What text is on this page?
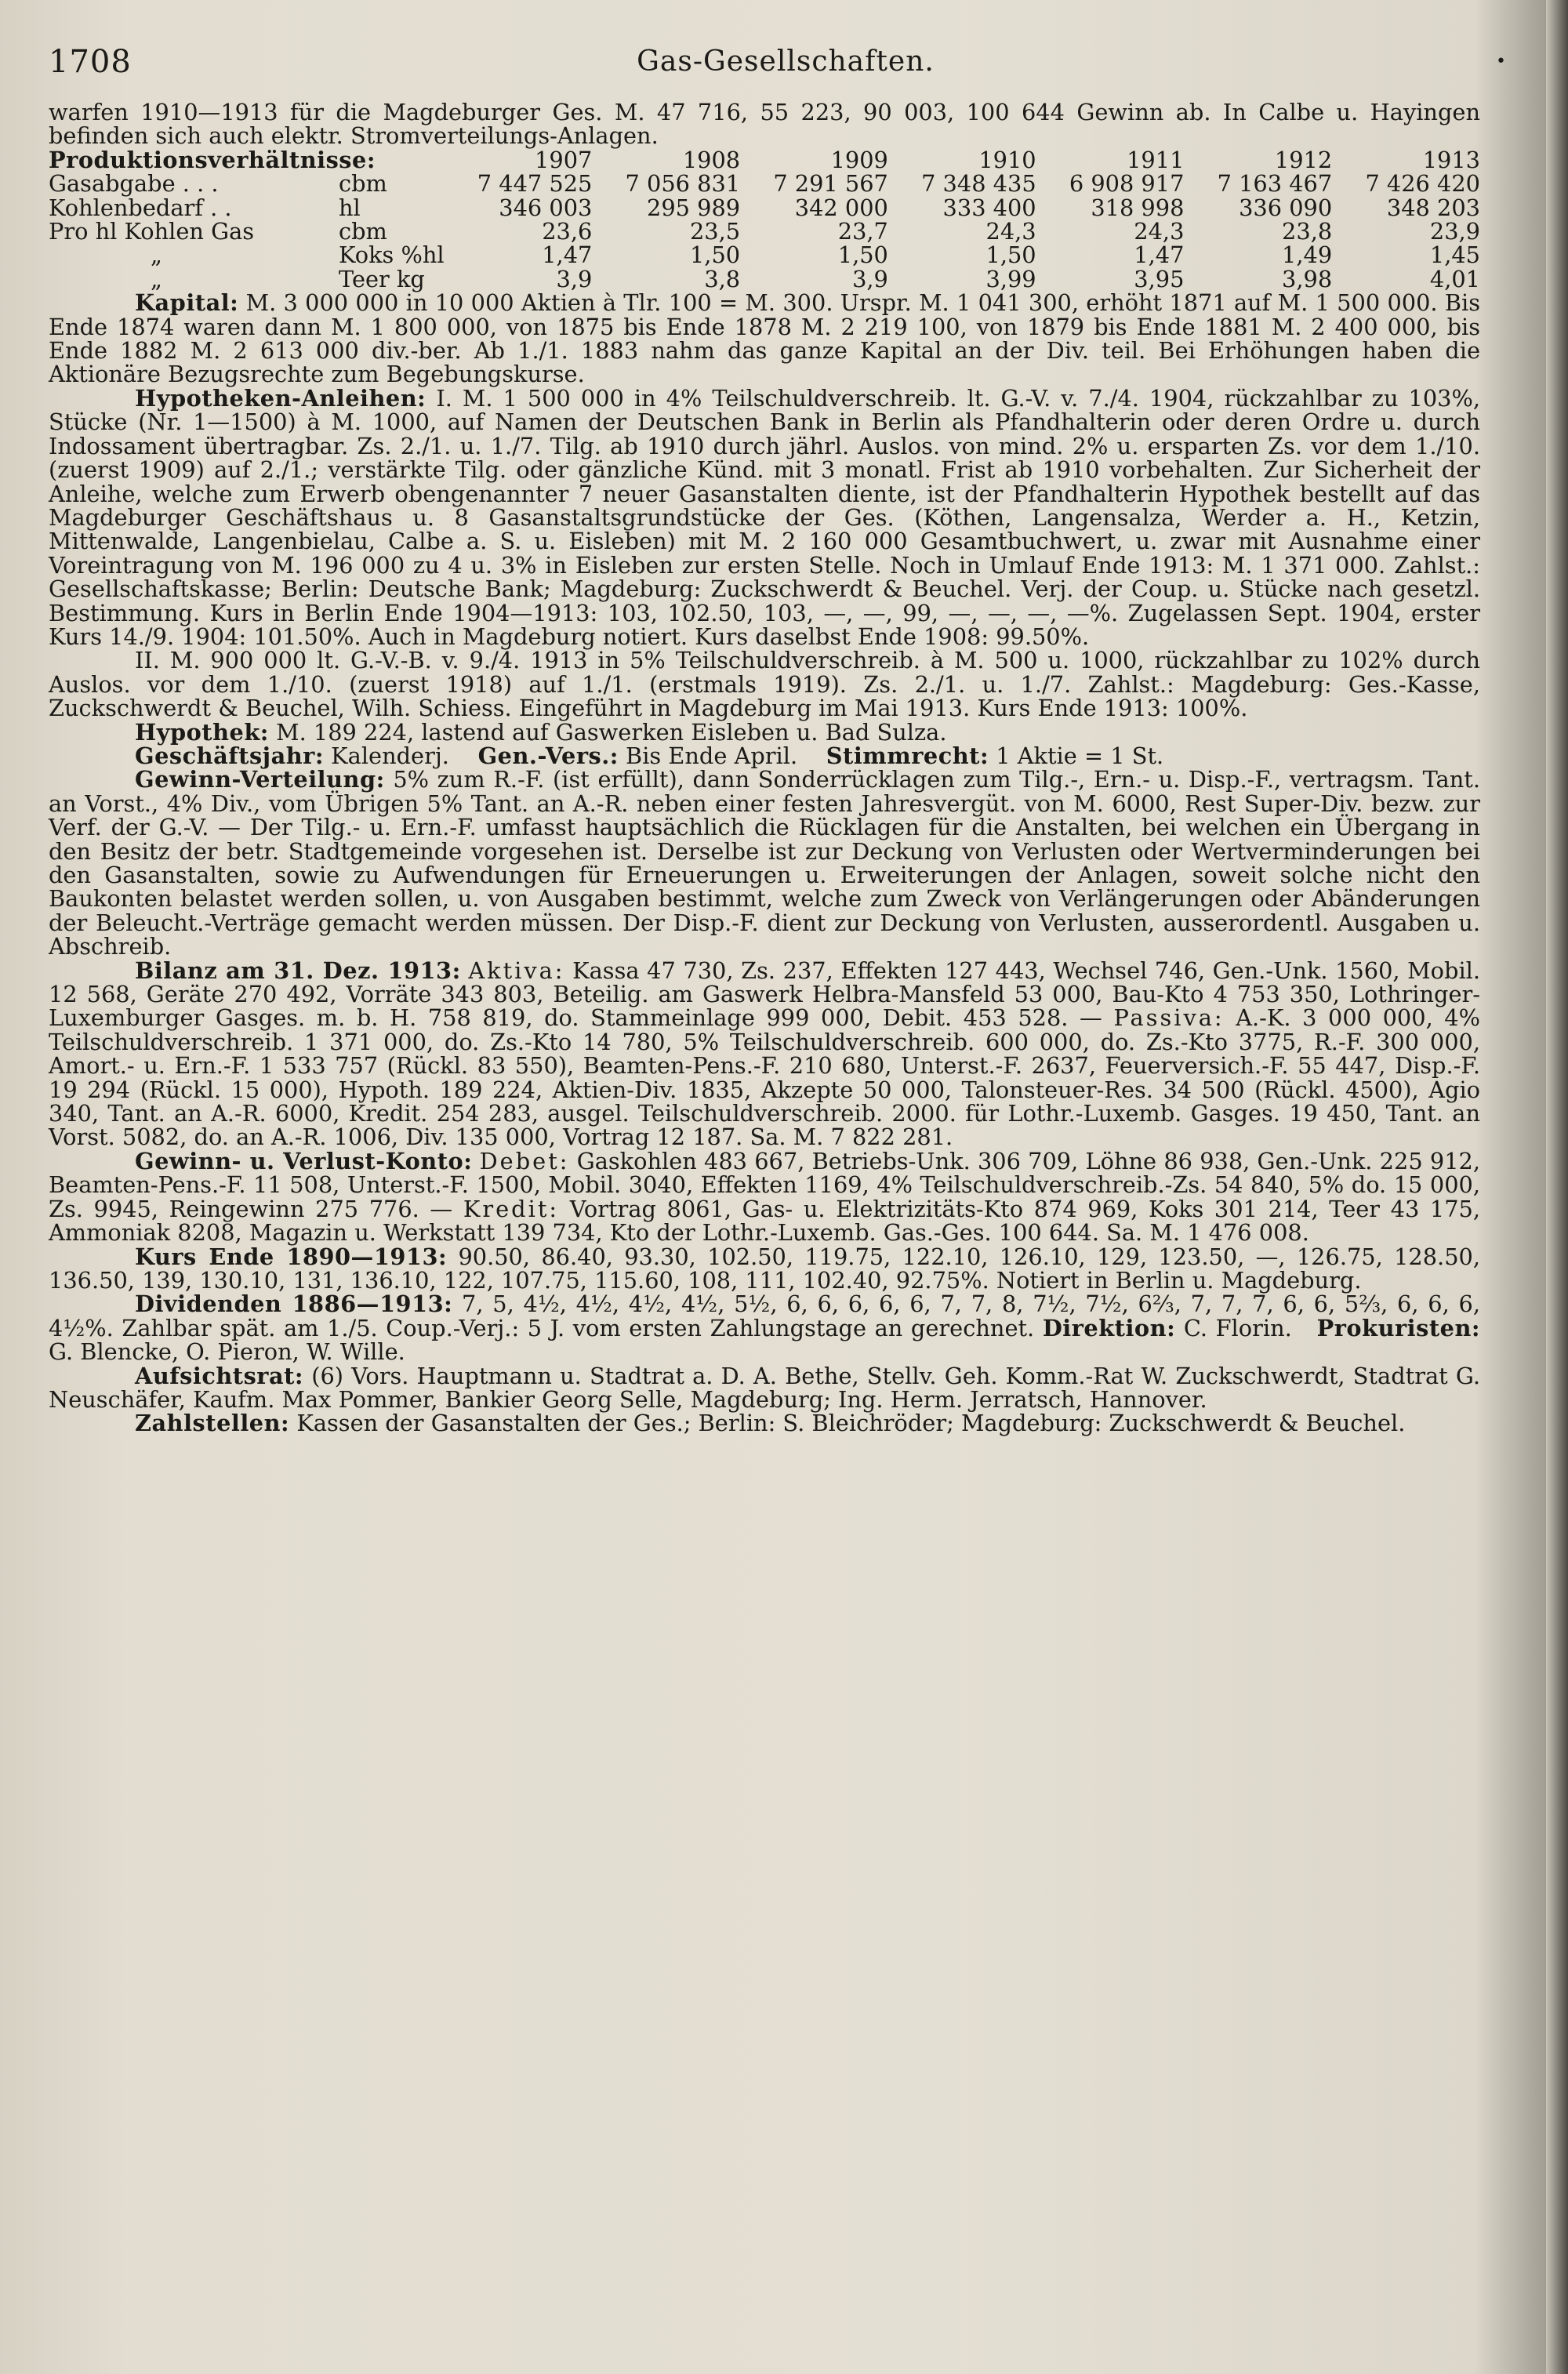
1708	Gas-Gesellschaften.	•

warfen 1910—1913 für die Magdeburger Ges. M. 47 716, 55 223, 90 003, 100 644 Gewinn ab. In Calbe u. Hayingen befinden sich auch elektr. Stromverteilungs-Anlagen.

Produktionsverhältnisse:		1907	1908	1909	1910	1911	1912	1913
Gasabgabe . . .	cbm	7 447 525	7 056 831	7 291 567	7 348 435	6 908 917	7 163 467	7 426 420
Kohlenbedarf . .	hl	346 003	295 989	342 000	333 400	318 998	336 090	348 203
Pro hl Kohlen Gas	cbm	23,6	23,5	23,7	24,3	24,3	23,8	23,9
„	Koks %hl	1,47	1,50	1,50	1,50	1,47	1,49	1,45
„	Teer kg	3,9	3,8	3,9	3,99	3,95	3,98	4,01

Kapital: M. 3 000 000 in 10 000 Aktien à Tlr. 100 = M. 300. Urspr. M. 1 041 300, erhöht 1871 auf M. 1 500 000. Bis Ende 1874 waren dann M. 1 800 000, von 1875 bis Ende 1878 M. 2 219 100, von 1879 bis Ende 1881 M. 2 400 000, bis Ende 1882 M. 2 613 000 div.-ber. Ab 1./1. 1883 nahm das ganze Kapital an der Div. teil. Bei Erhöhungen haben die Aktionäre Bezugsrechte zum Begebungskurse.

Hypotheken-Anleihen: I. M. 1 500 000 in 4% Teilschuldverschreib. lt. G.-V. v. 7./4. 1904, rückzahlbar zu 103%, Stücke (Nr. 1—1500) à M. 1000, auf Namen der Deutschen Bank in Berlin als Pfandhalterin oder deren Ordre u. durch Indossament übertragbar. Zs. 2./1. u. 1./7. Tilg. ab 1910 durch jährl. Auslos. von mind. 2% u. ersparten Zs. vor dem 1./10. (zuerst 1909) auf 2./1.; verstärkte Tilg. oder gänzliche Künd. mit 3 monatl. Frist ab 1910 vorbehalten. Zur Sicherheit der Anleihe, welche zum Erwerb obengenannter 7 neuer Gasanstalten diente, ist der Pfandhalterin Hypothek bestellt auf das Magdeburger Geschäftshaus u. 8 Gasanstaltsgrundstücke der Ges. (Köthen, Langensalza, Werder a. H., Ketzin, Mittenwalde, Langenbielau, Calbe a. S. u. Eisleben) mit M. 2 160 000 Gesamtbuchwert, u. zwar mit Ausnahme einer Voreintragung von M. 196 000 zu 4 u. 3% in Eisleben zur ersten Stelle. Noch in Umlauf Ende 1913: M. 1 371 000. Zahlst.: Gesellschaftskasse; Berlin: Deutsche Bank; Magdeburg: Zuckschwerdt & Beuchel. Verj. der Coup. u. Stücke nach gesetzl. Bestimmung. Kurs in Berlin Ende 1904—1913: 103, 102.50, 103, —, —, 99, —, —, —, —%. Zugelassen Sept. 1904, erster Kurs 14./9. 1904: 101.50%. Auch in Magdeburg notiert. Kurs daselbst Ende 1908: 99.50%.

II. M. 900 000 lt. G.-V.-B. v. 9./4. 1913 in 5% Teilschuldverschreib. à M. 500 u. 1000, rückzahlbar zu 102% durch Auslos. vor dem 1./10. (zuerst 1918) auf 1./1. (erstmals 1919). Zs. 2./1. u. 1./7. Zahlst.: Magdeburg: Ges.-Kasse, Zuckschwerdt & Beuchel, Wilh. Schiess. Eingeführt in Magdeburg im Mai 1913. Kurs Ende 1913: 100%.

Hypothek: M. 189 224, lastend auf Gaswerken Eisleben u. Bad Sulza.

Geschäftsjahr: Kalenderj. Gen.-Vers.: Bis Ende April. Stimmrecht: 1 Aktie = 1 St.

Gewinn-Verteilung: 5% zum R.-F. (ist erfüllt), dann Sonderrücklagen zum Tilg.-, Ern.- u. Disp.-F., vertragsm. Tant. an Vorst., 4% Div., vom Übrigen 5% Tant. an A.-R. neben einer festen Jahresvergüt. von M. 6000, Rest Super-Div. bezw. zur Verf. der G.-V. — Der Tilg.- u. Ern.-F. umfasst hauptsächlich die Rücklagen für die Anstalten, bei welchen ein Übergang in den Besitz der betr. Stadtgemeinde vorgesehen ist. Derselbe ist zur Deckung von Verlusten oder Wertverminderungen bei den Gasanstalten, sowie zu Aufwendungen für Erneuerungen u. Erweiterungen der Anlagen, soweit solche nicht den Baukonten belastet werden sollen, u. von Ausgaben bestimmt, welche zum Zweck von Verlängerungen oder Abänderungen der Beleucht.-Verträge gemacht werden müssen. Der Disp.-F. dient zur Deckung von Verlusten, ausserordentl. Ausgaben u. Abschreib.

Bilanz am 31. Dez. 1913: Aktiva: Kassa 47 730, Zs. 237, Effekten 127 443, Wechsel 746, Gen.-Unk. 1560, Mobil. 12 568, Geräte 270 492, Vorräte 343 803, Beteilig. am Gaswerk Helbra-Mansfeld 53 000, Bau-Kto 4 753 350, Lothringer-Luxemburger Gasges. m. b. H. 758 819, do. Stammeinlage 999 000, Debit. 453 528. — Passiva: A.-K. 3 000 000, 4% Teilschuldverschreib. 1 371 000, do. Zs.-Kto 14 780, 5% Teilschuldverschreib. 600 000, do. Zs.-Kto 3775, R.-F. 300 000, Amort.- u. Ern.-F. 1 533 757 (Rückl. 83 550), Beamten-Pens.-F. 210 680, Unterst.-F. 2637, Feuerversich.-F. 55 447, Disp.-F. 19 294 (Rückl. 15 000), Hypoth. 189 224, Aktien-Div. 1835, Akzepte 50 000, Talonsteuer-Res. 34 500 (Rückl. 4500), Agio 340, Tant. an A.-R. 6000, Kredit. 254 283, ausgel. Teilschuldverschreib. 2000. für Lothr.-Luxemb. Gasges. 19 450, Tant. an Vorst. 5082, do. an A.-R. 1006, Div. 135 000, Vortrag 12 187. Sa. M. 7 822 281.

Gewinn- u. Verlust-Konto: Debet: Gaskohlen 483 667, Betriebs-Unk. 306 709, Löhne 86 938, Gen.-Unk. 225 912, Beamten-Pens.-F. 11 508, Unterst.-F. 1500, Mobil. 3040, Effekten 1169, 4% Teilschuldverschreib.-Zs. 54 840, 5% do. 15 000, Zs. 9945, Reingewinn 275 776. — Kredit: Vortrag 8061, Gas- u. Elektrizitäts-Kto 874 969, Koks 301 214, Teer 43 175, Ammoniak 8208, Magazin u. Werkstatt 139 734, Kto der Lothr.-Luxemb. Gas.-Ges. 100 644. Sa. M. 1 476 008.

Kurs Ende 1890—1913: 90.50, 86.40, 93.30, 102.50, 119.75, 122.10, 126.10, 129, 123.50, —, 126.75, 128.50, 136.50, 139, 130.10, 131, 136.10, 122, 107.75, 115.60, 108, 111, 102.40, 92.75%. Notiert in Berlin u. Magdeburg.

Dividenden 1886—1913: 7, 5, 4½, 4½, 4½, 4½, 5½, 6, 6, 6, 6, 6, 7, 7, 8, 7½, 7½, 6⅔, 7, 7, 7, 6, 6, 5⅔, 6, 6, 6, 4½%. Zahlbar spät. am 1./5. Coup.-Verj.: 5 J. vom ersten Zahlungstage an gerechnet. Direktion: C. Florin. Prokuristen: G. Blencke, O. Pieron, W. Wille.

Aufsichtsrat: (6) Vors. Hauptmann u. Stadtrat a. D. A. Bethe, Stellv. Geh. Komm.-Rat W. Zuckschwerdt, Stadtrat G. Neuschäfer, Kaufm. Max Pommer, Bankier Georg Selle, Magdeburg; Ing. Herm. Jerratsch, Hannover.

Zahlstellen: Kassen der Gasanstalten der Ges.; Berlin: S. Bleichröder; Magdeburg: Zuckschwerdt & Beuchel.
